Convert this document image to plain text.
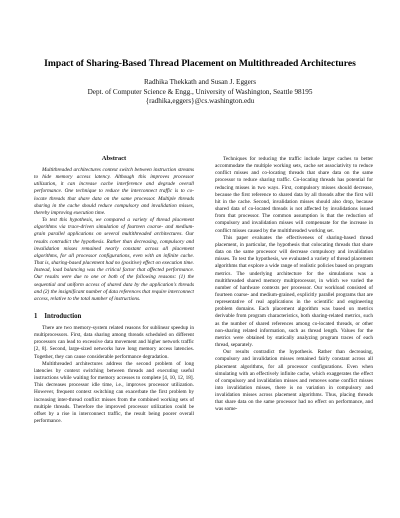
Impact of Sharing-Based Thread Placement on Multithreaded Architectures
Radhika Thekkath and Susan J. Eggers
Dept. of Computer Science & Engg., University of Washington, Seattle 98195
{radhika,eggers}@cs.washington.edu
Abstract

Multithreaded architectures context switch between instruction streams to hide memory access latency. Although this improves processor utilization, it can increase cache interference and degrade overall performance. One technique to reduce the interconnect traffic is to co-locate threads that share data on the same processor. Multiple threads sharing in the cache should reduce compulsory and invalidation misses, thereby improving execution time.

To test this hypothesis, we compared a variety of thread placement algorithms via trace-driven simulation of fourteen coarse- and medium-grain parallel applications on several multithreaded architectures. Our results contradict the hypothesis. Rather than decreasing, compulsory and invalidation misses remained nearly constant across all placement algorithms, for all processor configurations, even with an infinite cache. That is, sharing-based placement had no (positive) effect on execution time. Instead, load balancing was the critical factor that affected performance. Our results were due to one or both of the following reasons: (1) the sequential and uniform access of shared data by the application's threads and (2) the insignificant number of data references that require interconnect access, relative to the total number of instructions.

1 Introduction

There are two memory-system related reasons for sublinear speedup in multiprocessors. First, data sharing among threads scheduled on different processors can lead to excessive data movement and higher network traffic [2, 8]. Second, large-sized networks have long memory access latencies. Together, they can cause considerable performance degradation.

Multithreaded architectures address the second problem of long latencies by context switching between threads and executing useful instructions while waiting for memory accesses to complete [4, 10, 12, 18]. This decreases processor idle time, i.e., improves processor utilization. However, frequent context switching can exacerbate the first problem by increasing inter-thread conflict misses from the combined working sets of multiple threads. Therefore the improved processor utilization could be offset by a rise in interconnect traffic, the result being poorer overall performance.

Techniques for reducing the traffic include larger caches to better accommodate the multiple working sets, cache set associativity to reduce conflict misses and co-locating threads that share data on the same processor to reduce sharing traffic. Co-locating threads has potential for reducing misses in two ways. First, compulsory misses should decrease, because the first reference to shared data by all threads after the first will hit in the cache. Second, invalidation misses should also drop, because shared data of co-located threads is not affected by invalidations issued from that processor. The common assumption is that the reduction of compulsory and invalidation misses will compensate for the increase in conflict misses caused by the multithreaded working set.

This paper evaluates the effectiveness of sharing-based thread placement, in particular, the hypothesis that colocating threads that share data on the same processor will decrease compulsory and invalidation misses. To test the hypothesis, we evaluated a variety of thread placement algorithms that explore a wide range of realistic policies based on program metrics. The underlying architecture for the simulations was a multithreaded shared memory multiprocessor, in which we varied the number of hardware contexts per processor. Our workload consisted of fourteen coarse- and medium-grained, explicitly parallel programs that are representative of real applications in the scientific and engineering problem domains. Each placement algorithm was based on metrics derivable from program characteristics, both sharing-related metrics, such as the number of shared references among co-located threads, or other non-sharing related information, such as thread length. Values for the metrics were obtained by statically analyzing program traces of each thread, separately.

Our results contradict the hypothesis. Rather than decreasing, compulsory and invalidation misses remained fairly constant across all placement algorithms, for all processor configurations. Even when simulating with an effectively infinite cache, which exaggerates the effect of compulsory and invalidation misses and removes some conflict misses into invalidation misses, there is no variation in compulsory and invalidation misses across placement algorithms. Thus, placing threads that share data on the same processor had no effect on performance, and was some-
